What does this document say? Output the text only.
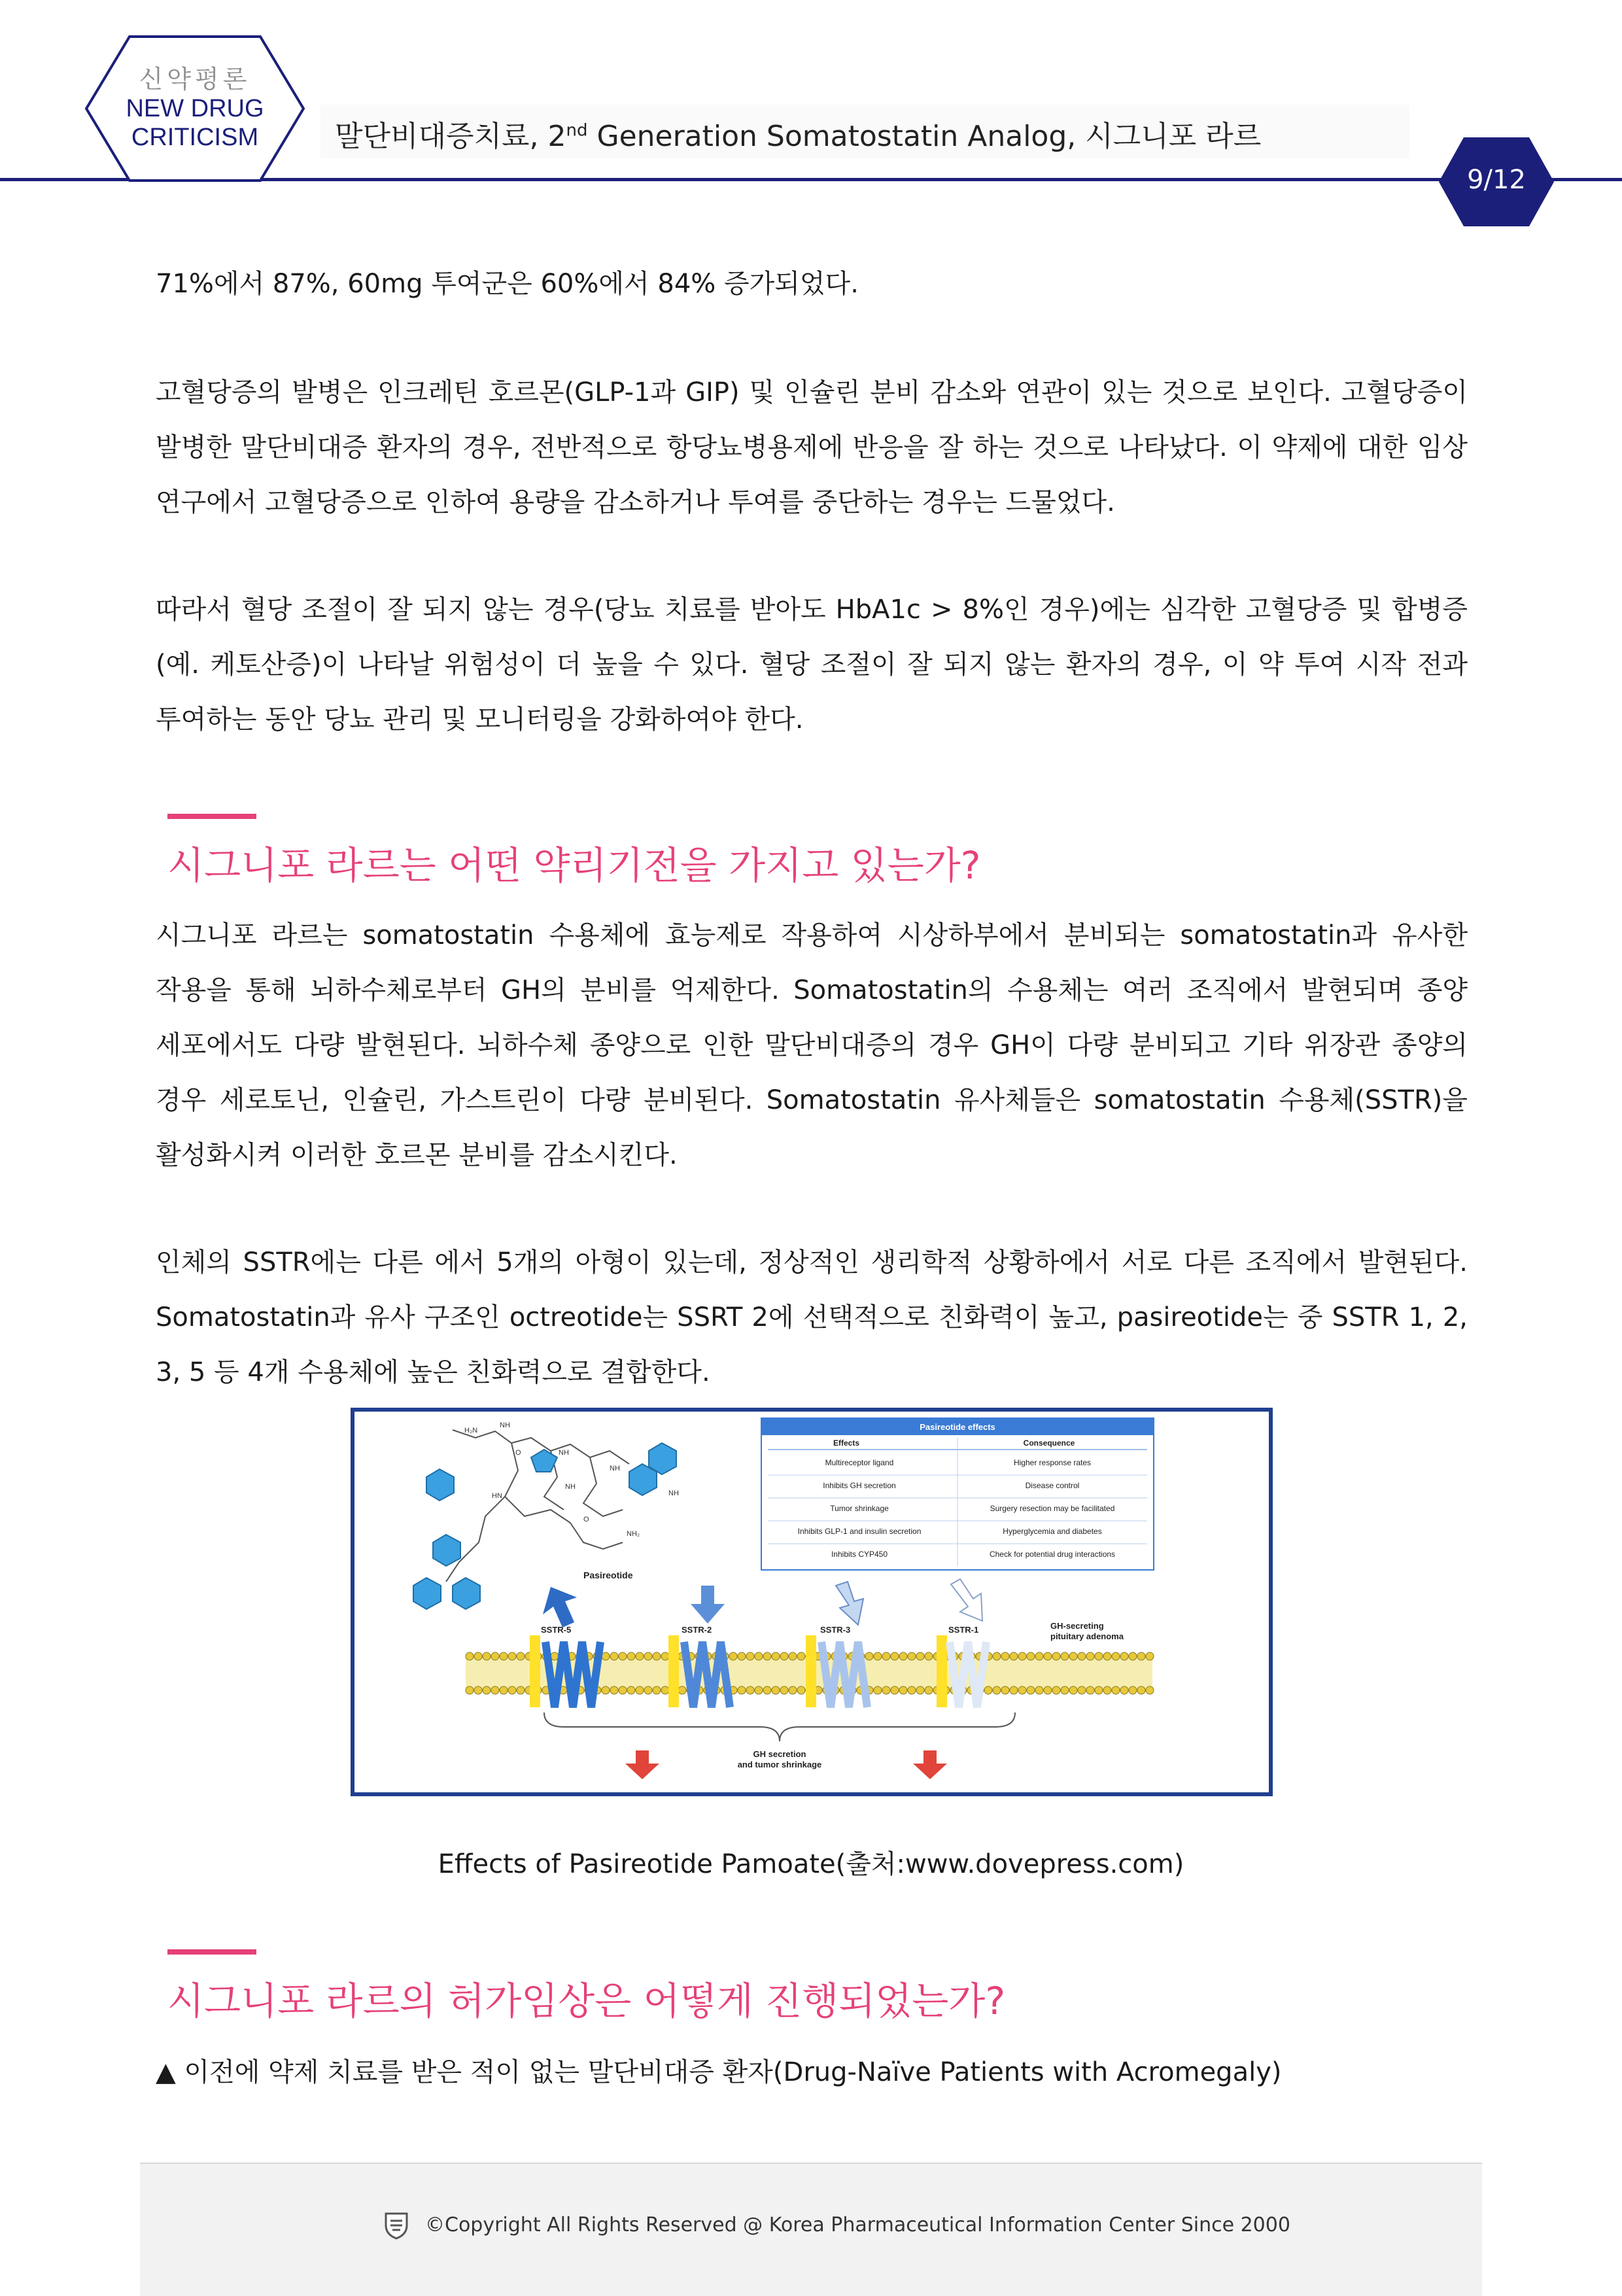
신약평론
NEW DRUG
CRITICISM	말단비대증치료, 2nd Generation Somatostatin Analog, 시그니포 라르
9/12
71%에서 87%, 60mg 투여군은 60%에서 84% 증가되었다.
고혈당증의 발병은 인크레틴 호르몬(GLP-1과 GIP) 및 인슐린 분비 감소와 연관이 있는 것으로 보인다. 고혈당증이 발병한 말단비대증 환자의 경우, 전반적으로 항당뇨병용제에 반응을 잘 하는 것으로 나타났다. 이 약제에 대한 임상 연구에서 고혈당증으로 인하여 용량을 감소하거나 투여를 중단하는 경우는 드물었다.
따라서 혈당 조절이 잘 되지 않는 경우(당뇨 치료를 받아도 HbA1c > 8%인 경우)에는 심각한 고혈당증 및 합병증(예. 케토산증)이 나타날 위험성이 더 높을 수 있다. 혈당 조절이 잘 되지 않는 환자의 경우, 이 약 투여 시작 전과 투여하는 동안 당뇨 관리 및 모니터링을 강화하여야 한다.
시그니포 라르는 어떤 약리기전을 가지고 있는가?
시그니포 라르는 somatostatin 수용체에 효능제로 작용하여 시상하부에서 분비되는 somatostatin과 유사한 작용을 통해 뇌하수체로부터 GH의 분비를 억제한다. Somatostatin의 수용체는 여러 조직에서 발현되며 종양 세포에서도 다량 발현된다. 뇌하수체 종양으로 인한 말단비대증의 경우 GH이 다량 분비되고 기타 위장관 종양의 경우 세로토닌, 인슐린, 가스트린이 다량 분비된다. Somatostatin 유사체들은 somatostatin 수용체(SSTR)을 활성화시켜 이러한 호르몬 분비를 감소시킨다.
인체의 SSTR에는 다른 에서 5개의 아형이 있는데, 정상적인 생리학적 상황하에서 서로 다른 조직에서 발현된다. Somatostatin과 유사 구조인 octreotide는 SSRT 2에 선택적으로 친화력이 높고, pasireotide는 중 SSTR 1, 2, 3, 5 등 4개 수용체에 높은 친화력으로 결합한다.
H₂N
NH
O	NH
NH
HN
NH
NH
O
NH₂
Pasireotide
Pasireotide effects
Effects	Consequence
Multireceptor ligand	Higher response rates
Inhibits GH secretion	Disease control
Tumor shrinkage	Surgery resection may be facilitated
Inhibits GLP-1 and insulin secretion	Hyperglycemia and diabetes
Inhibits CYP450	Check for potential drug interactions
SSTR-5	SSTR-2	SSTR-3	SSTR-1	GH-secreting
pituitary adenoma
GH secretion
and tumor shrinkage
Effects of Pasireotide Pamoate(출처:www.dovepress.com)
시그니포 라르의 허가임상은 어떻게 진행되었는가?
▲ 이전에 약제 치료를 받은 적이 없는 말단비대증 환자(Drug-Naïve Patients with Acromegaly)
©Copyright All Rights Reserved @ Korea Pharmaceutical Information Center Since 2000
